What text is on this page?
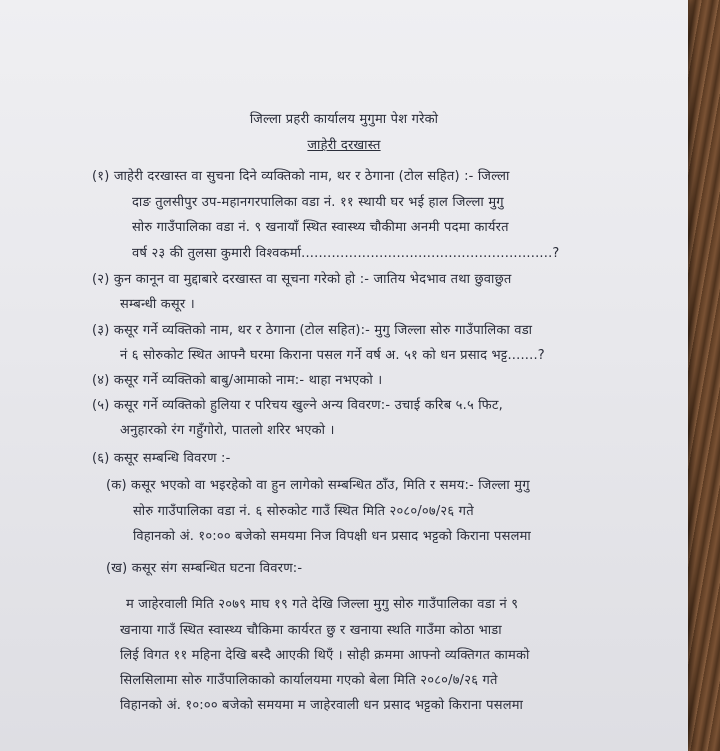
जिल्ला प्रहरी कार्यालय मुगुमा पेश गरेको
जाहेरी दरखास्त
(१) जाहेरी दरखास्त वा सुचना दिने व्यक्तिको नाम, थर र ठेगाना (टोल सहित) :- जिल्ला
दाङ तुलसीपुर उप-महानगरपालिका वडा नं. ११ स्थायी घर भई हाल जिल्ला मुगु
सोरु गाउँपालिका वडा नं. ९ खनायाँ स्थित स्वास्थ्य चौकीमा अनमी पदमा कार्यरत
वर्ष २३ की तुलसा कुमारी विश्वकर्मा..........................................................?
(२) कुन कानून वा मुद्दाबारे दरखास्त वा सूचना गरेको हो :- जातिय भेदभाव तथा छुवाछुत
सम्बन्धी कसूर ।
(३) कसूर गर्ने व्यक्तिको नाम, थर र ठेगाना (टोल सहित):- मुगु जिल्ला सोरु गाउँपालिका वडा
नं ६ सोरुकोट स्थित आफ्नै घरमा किराना पसल गर्ने वर्ष अ. ५१ को धन प्रसाद भट्ट.......?
(४) कसूर गर्ने व्यक्तिको बाबु/आमाको नाम:- थाहा नभएको ।
(५) कसूर गर्ने व्यक्तिको हुलिया र परिचय खुल्ने अन्य विवरण:- उचाई करिब ५.५ फिट,
अनुहारको रंग गहुँगोरो, पातलो शरिर भएको ।
(६) कसूर सम्बन्धि विवरण :-
(क) कसूर भएको वा भइरहेको वा हुन लागेको सम्बन्धित ठाँउ, मिति र समय:- जिल्ला मुगु
सोरु गाउँपालिका वडा नं. ६ सोरुकोट गाउँ स्थित मिति २०८०/०७/२६ गते
विहानको अं. १०:०० बजेको समयमा निज विपक्षी धन प्रसाद भट्टको किराना पसलमा
(ख) कसूर संग सम्बन्धित घटना विवरण:-
म जाहेरवाली मिति २०७९ माघ १९ गते देखि जिल्ला मुगु सोरु गाउँपालिका वडा नं ९
खनाया गाउँ स्थित स्वास्थ्य चौकिमा कार्यरत छु र खनाया स्थति गाउँमा कोठा भाडा
लिई विगत ११ महिना देखि बस्दै आएकी थिएँ । सोही क्रममा आफ्नो व्यक्तिगत कामको
सिलसिलामा सोरु गाउँपालिकाको कार्यालयमा गएको बेला मिति २०८०/७/२६ गते
विहानको अं. १०:०० बजेको समयमा म जाहेरवाली धन प्रसाद भट्टको किराना पसलमा
